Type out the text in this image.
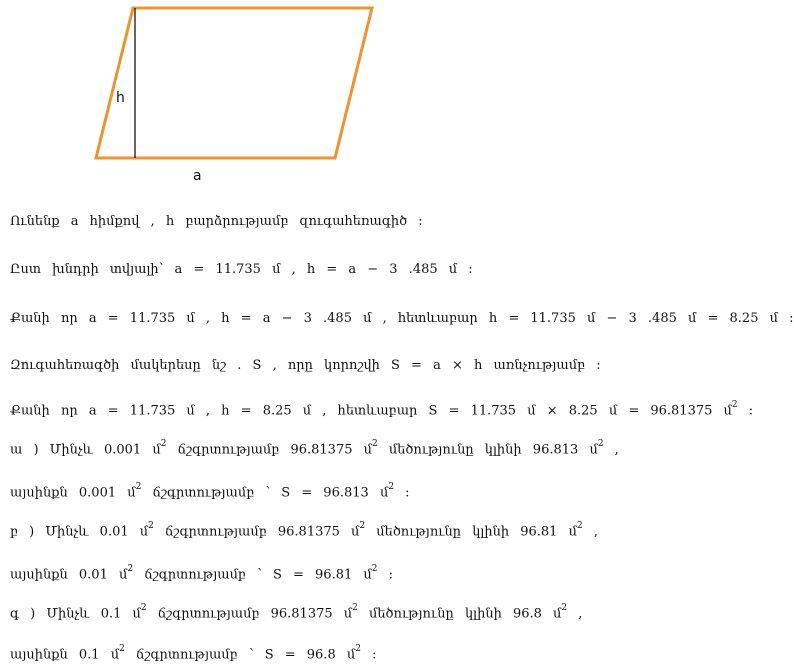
h
a
Ունենք a հիմքով , h բարձրությամբ զուգահեռագիծ :
Ըստ խնդրի տվյալի՝ a = 11.735 մ , h = a − 3 .485 մ :
Քանի որ a = 11.735 մ , h = a − 3 .485 մ , հետևաբար h = 11.735 մ − 3 .485 մ = 8.25 մ :
Զուգահեռագծի մակերեսը նշ . S , որը կորոշվի S = a × h առնչությամբ :
Քանի որ a = 11.735 մ , h = 8.25 մ , հետևաբար S = 11.735 մ × 8.25 մ = 96.81375 մ$^2$ :
ա ) Մինչև 0.001 մ$^2$ ճշգրտությամբ 96.81375 մ$^2$ մեծությունը կլինի 96.813 մ$^2$ ,
այսինքն 0.001 մ$^2$ ճշգրտությամբ ՝ S = 96.813 մ$^2$ :
բ ) Մինչև 0.01 մ$^2$ ճշգրտությամբ 96.81375 մ$^2$ մեծությունը կլինի 96.81 մ$^2$ ,
այսինքն 0.01 մ$^2$ ճշգրտությամբ ՝ S = 96.81 մ$^2$ :
գ ) Մինչև 0.1 մ$^2$ ճշգրտությամբ 96.81375 մ$^2$ մեծությունը կլինի 96.8 մ$^2$ ,
այսինքն 0.1 մ$^2$ ճշգրտությամբ ՝ S = 96.8 մ$^2$ :
